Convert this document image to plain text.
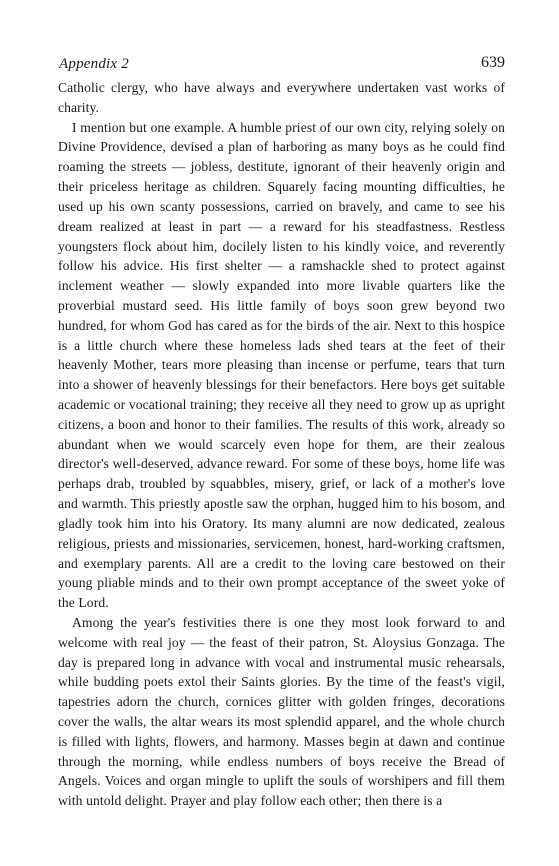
Appendix 2	639

Catholic clergy, who have always and everywhere undertaken vast works of charity.

I mention but one example. A humble priest of our own city, relying solely on Divine Providence, devised a plan of harboring as many boys as he could find roaming the streets — jobless, destitute, ignorant of their heavenly origin and their priceless heritage as children. Squarely facing mounting difficulties, he used up his own scanty possessions, carried on bravely, and came to see his dream realized at least in part — a reward for his steadfastness. Restless youngsters flock about him, docilely listen to his kindly voice, and reverently follow his advice. His first shelter — a ramshackle shed to protect against inclement weather — slowly expanded into more livable quarters like the proverbial mustard seed. His little family of boys soon grew beyond two hundred, for whom God has cared as for the birds of the air. Next to this hospice is a little church where these homeless lads shed tears at the feet of their heavenly Mother, tears more pleasing than incense or perfume, tears that turn into a shower of heavenly blessings for their benefactors. Here boys get suitable academic or vocational training; they receive all they need to grow up as upright citizens, a boon and honor to their families. The results of this work, already so abundant when we would scarcely even hope for them, are their zealous director's well-deserved, advance reward. For some of these boys, home life was perhaps drab, troubled by squabbles, misery, grief, or lack of a mother's love and warmth. This priestly apostle saw the orphan, hugged him to his bosom, and gladly took him into his Oratory. Its many alumni are now dedicated, zealous religious, priests and missionaries, servicemen, honest, hard-working craftsmen, and exemplary parents. All are a credit to the loving care bestowed on their young pliable minds and to their own prompt acceptance of the sweet yoke of the Lord.

Among the year's festivities there is one they most look forward to and welcome with real joy — the feast of their patron, St. Aloysius Gonzaga. The day is prepared long in advance with vocal and instrumental music rehearsals, while budding poets extol their Saints glories. By the time of the feast's vigil, tapestries adorn the church, cornices glitter with golden fringes, decorations cover the walls, the altar wears its most splendid apparel, and the whole church is filled with lights, flowers, and harmony. Masses begin at dawn and continue through the morning, while endless numbers of boys receive the Bread of Angels. Voices and organ mingle to uplift the souls of worshipers and fill them with untold delight. Prayer and play follow each other; then there is a
